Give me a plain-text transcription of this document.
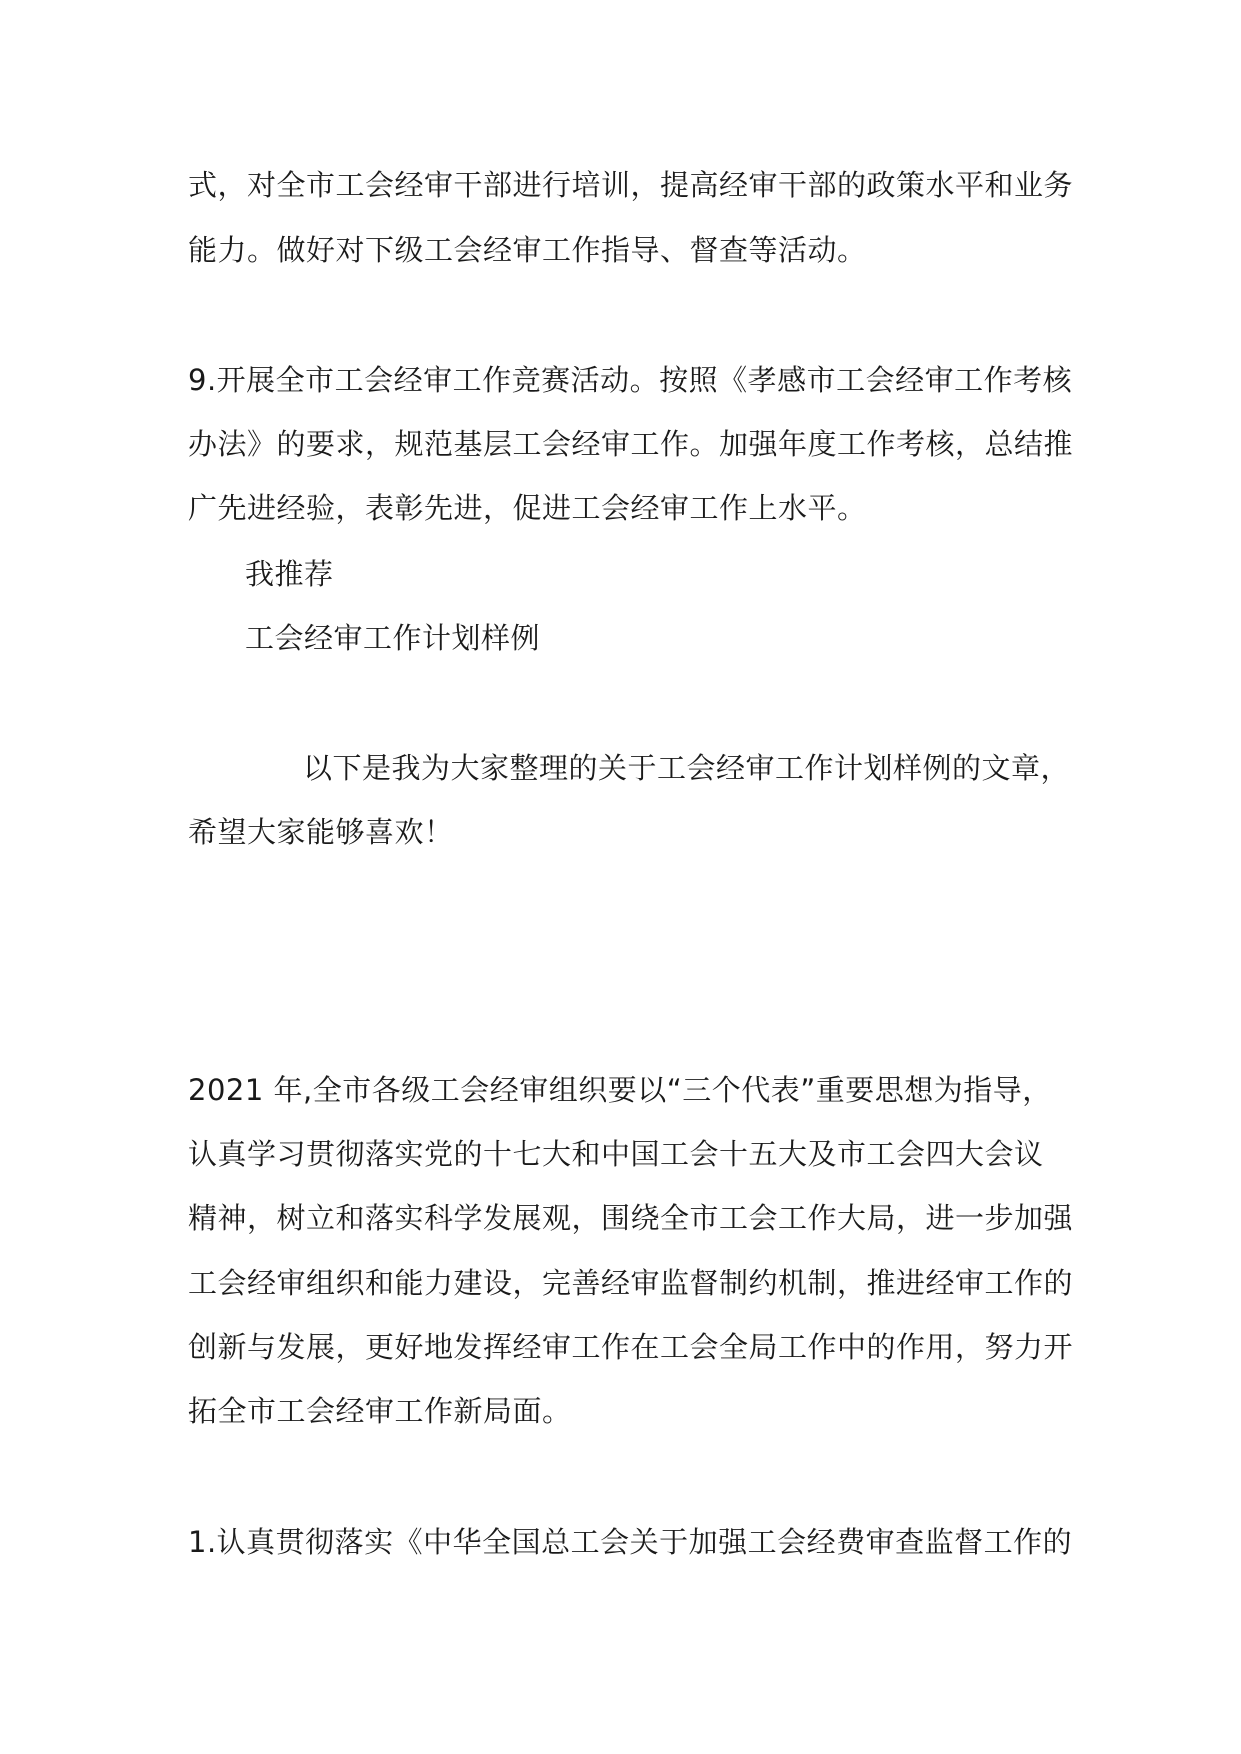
式，对全市工会经审干部进行培训，提高经审干部的政策水平和业务
能力。做好对下级工会经审工作指导、督查等活动。
9.开展全市工会经审工作竞赛活动。按照《孝感市工会经审工作考核
办法》的要求，规范基层工会经审工作。加强年度工作考核，总结推
广先进经验，表彰先进，促进工会经审工作上水平。
我推荐
工会经审工作计划样例
以下是我为大家整理的关于工会经审工作计划样例的文章，
希望大家能够喜欢！
2021 年,全市各级工会经审组织要以“三个代表”重要思想为指导，
认真学习贯彻落实党的十七大和中国工会十五大及市工会四大会议
精神，树立和落实科学发展观，围绕全市工会工作大局，进一步加强
工会经审组织和能力建设，完善经审监督制约机制，推进经审工作的
创新与发展，更好地发挥经审工作在工会全局工作中的作用，努力开
拓全市工会经审工作新局面。
1.认真贯彻落实《中华全国总工会关于加强工会经费审查监督工作的
